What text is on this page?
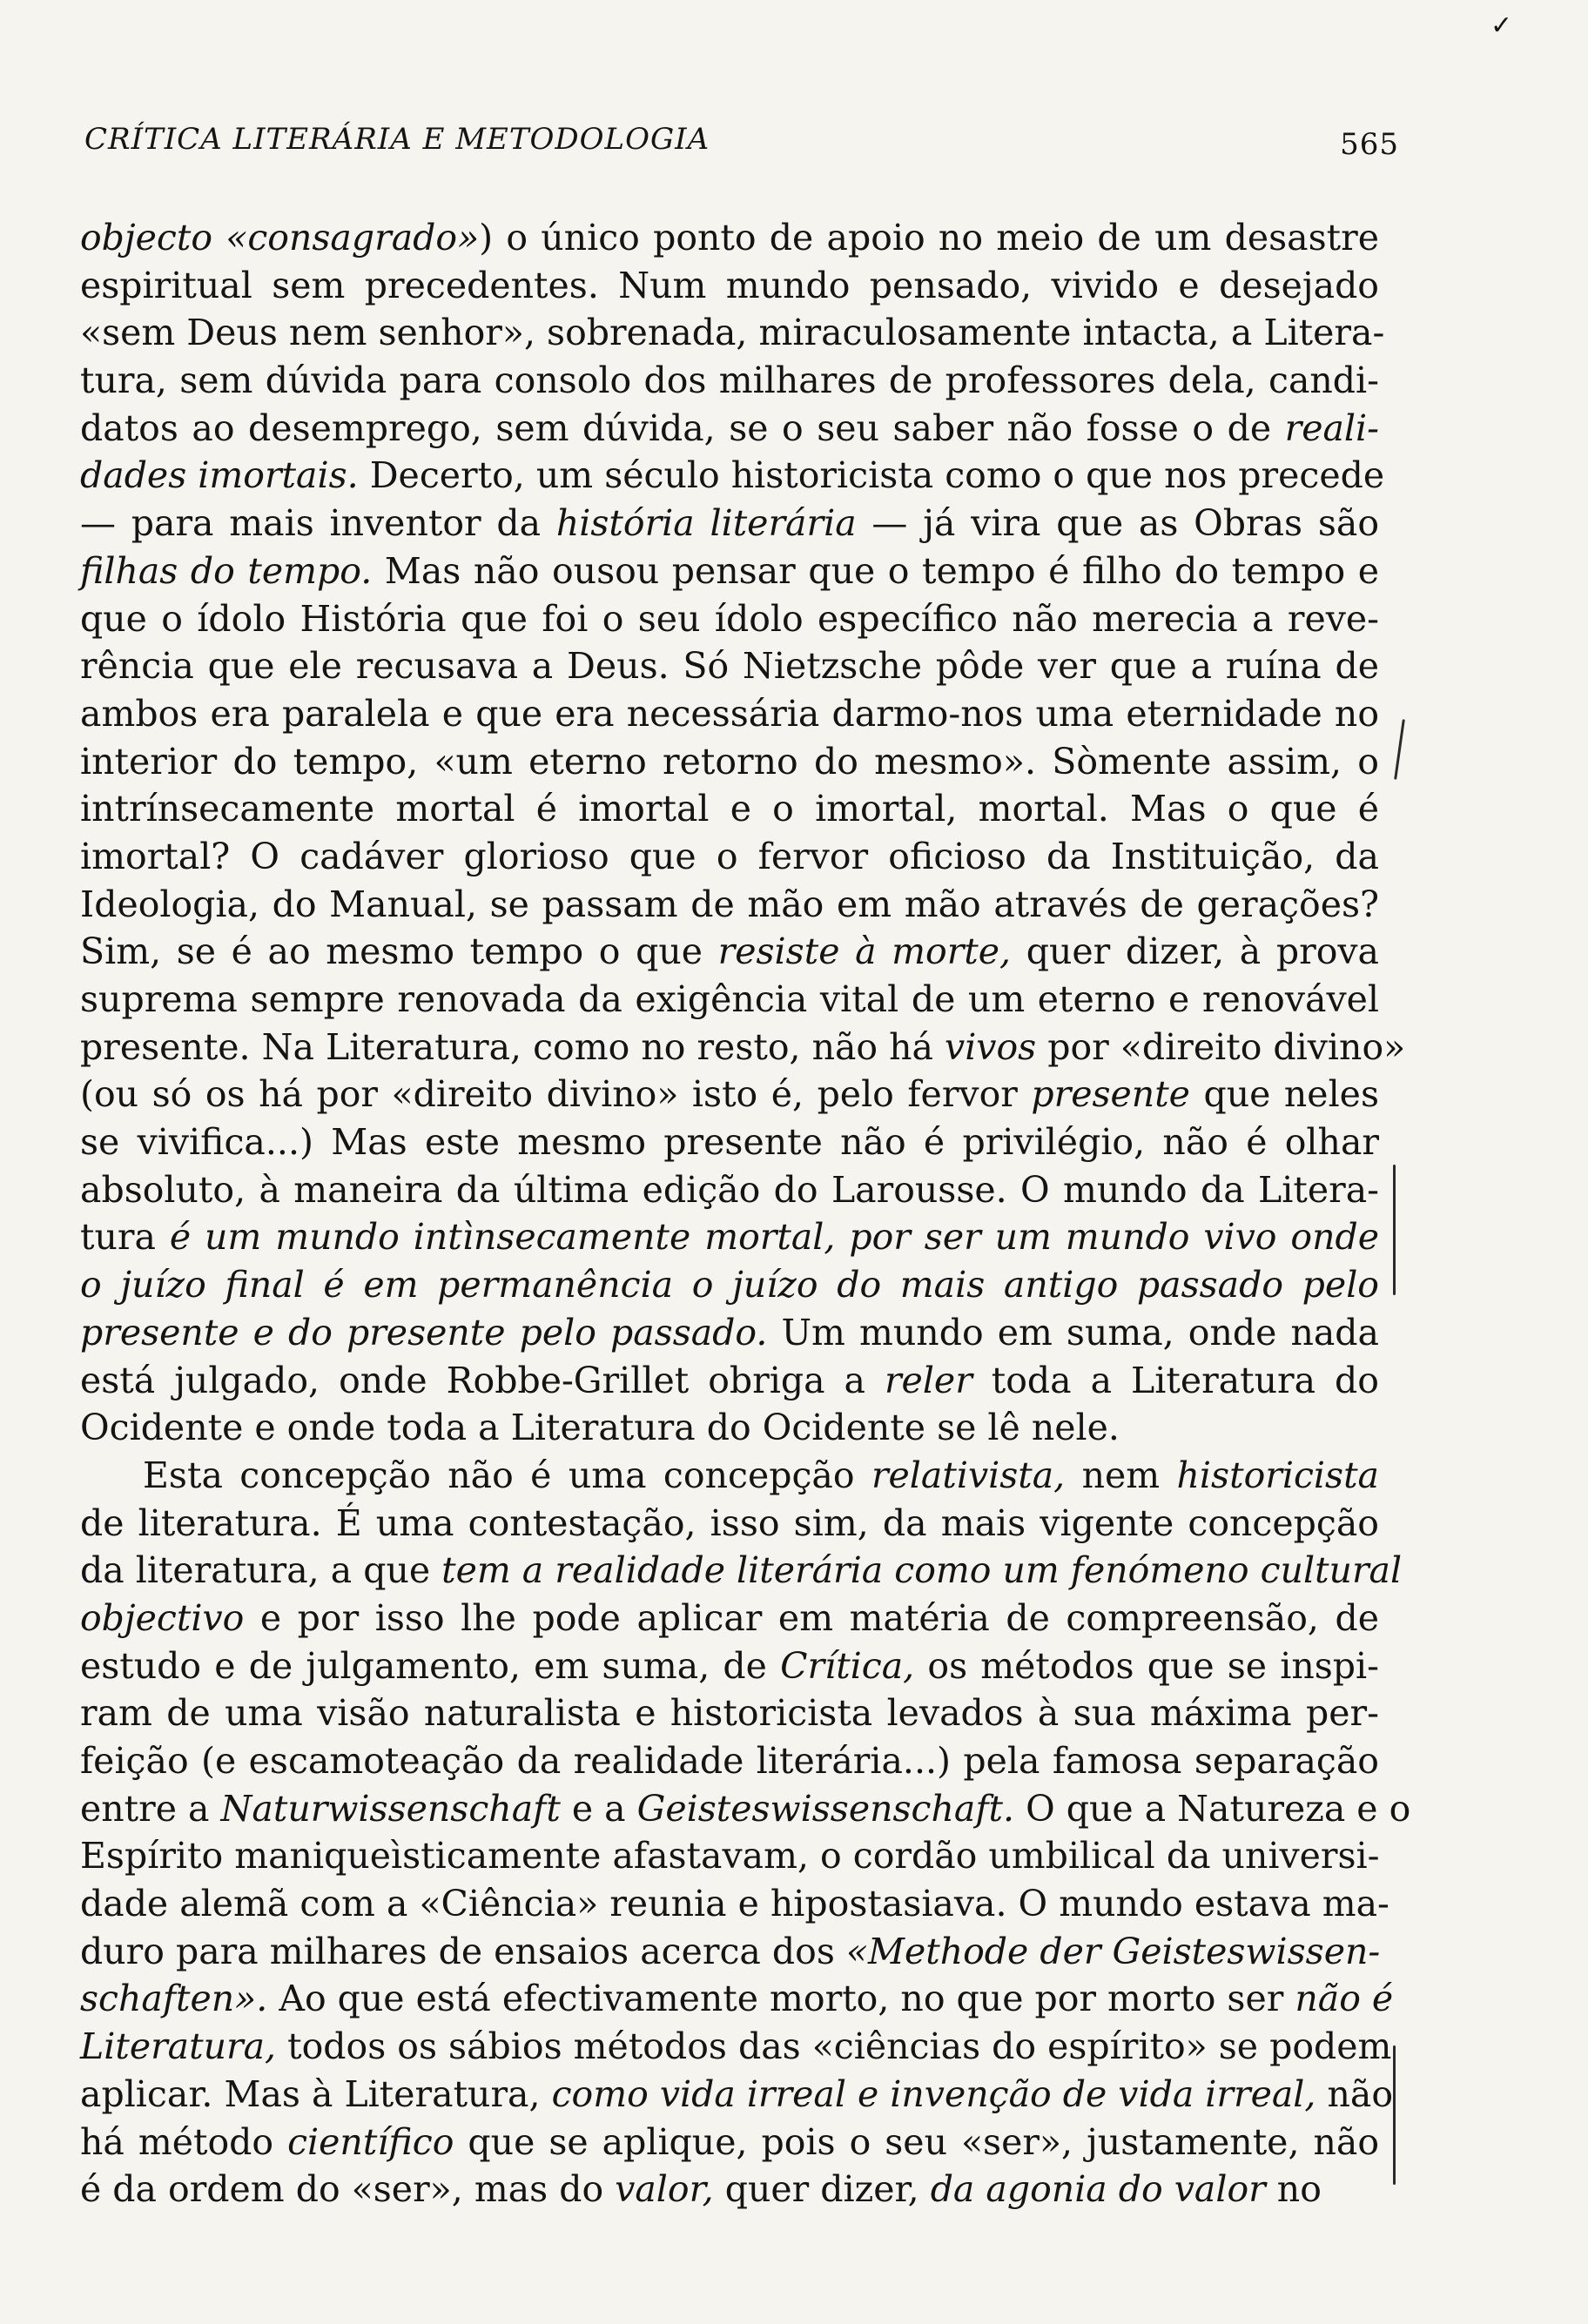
✓
CRÍTICA LITERÁRIA E METODOLOGIA	565
objecto «consagrado») o único ponto de apoio no meio de um desastre
espiritual sem precedentes. Num mundo pensado, vivido e desejado
«sem Deus nem senhor», sobrenada, miraculosamente intacta, a Litera-
tura, sem dúvida para consolo dos milhares de professores dela, candi-
datos ao desemprego, sem dúvida, se o seu saber não fosse o de reali-
dades imortais. Decerto, um século historicista como o que nos precede
— para mais inventor da história literária — já vira que as Obras são
filhas do tempo. Mas não ousou pensar que o tempo é filho do tempo e
que o ídolo História que foi o seu ídolo específico não merecia a reve-
rência que ele recusava a Deus. Só Nietzsche pôde ver que a ruína de
ambos era paralela e que era necessária darmo-nos uma eternidade no
interior do tempo, «um eterno retorno do mesmo». Sòmente assim, o
intrínsecamente mortal é imortal e o imortal, mortal. Mas o que é
imortal? O cadáver glorioso que o fervor oficioso da Instituição, da
Ideologia, do Manual, se passam de mão em mão através de gerações?
Sim, se é ao mesmo tempo o que resiste à morte, quer dizer, à prova
suprema sempre renovada da exigência vital de um eterno e renovável
presente. Na Literatura, como no resto, não há vivos por «direito divino»
(ou só os há por «direito divino» isto é, pelo fervor presente que neles
se vivifica...) Mas este mesmo presente não é privilégio, não é olhar
absoluto, à maneira da última edição do Larousse. O mundo da Litera-
tura é um mundo intìnsecamente mortal, por ser um mundo vivo onde
o juízo final é em permanência o juízo do mais antigo passado pelo
presente e do presente pelo passado. Um mundo em suma, onde nada
está julgado, onde Robbe-Grillet obriga a reler toda a Literatura do
Ocidente e onde toda a Literatura do Ocidente se lê nele.
Esta concepção não é uma concepção relativista, nem historicista
de literatura. É uma contestação, isso sim, da mais vigente concepção
da literatura, a que tem a realidade literária como um fenómeno cultural
objectivo e por isso lhe pode aplicar em matéria de compreensão, de
estudo e de julgamento, em suma, de Crítica, os métodos que se inspi-
ram de uma visão naturalista e historicista levados à sua máxima per-
feição (e escamoteação da realidade literária...) pela famosa separação
entre a Naturwissenschaft e a Geisteswissenschaft. O que a Natureza e o
Espírito maniqueìsticamente afastavam, o cordão umbilical da universi-
dade alemã com a «Ciência» reunia e hipostasiava. O mundo estava ma-
duro para milhares de ensaios acerca dos «Methode der Geisteswissen-
schaften». Ao que está efectivamente morto, no que por morto ser não é
Literatura, todos os sábios métodos das «ciências do espírito» se podem
aplicar. Mas à Literatura, como vida irreal e invenção de vida irreal, não
há método científico que se aplique, pois o seu «ser», justamente, não
é da ordem do «ser», mas do valor, quer dizer, da agonia do valor no
